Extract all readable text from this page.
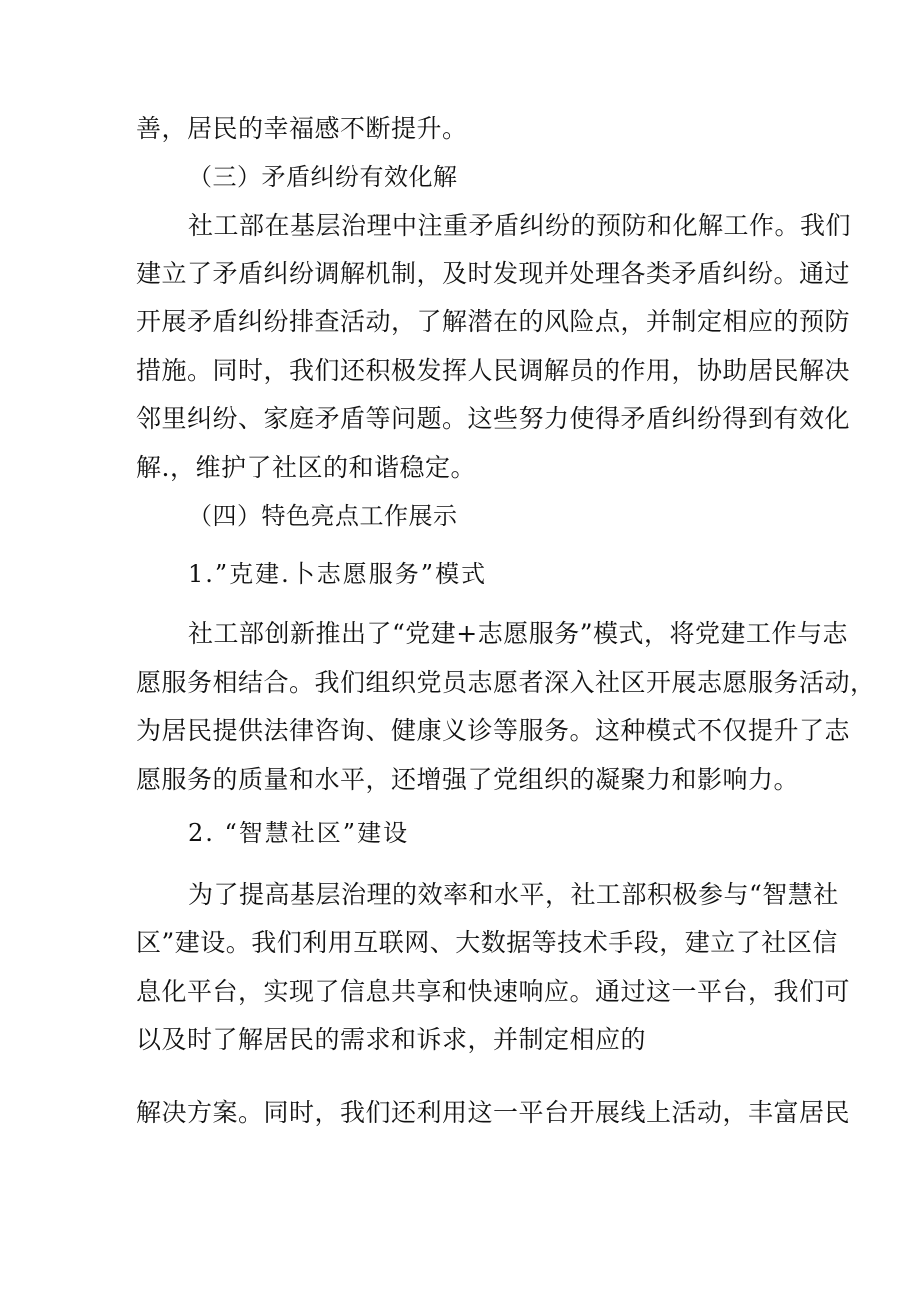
善，居民的幸福感不断提升。
（三）矛盾纠纷有效化解
社工部在基层治理中注重矛盾纠纷的预防和化解工作。我们
建立了矛盾纠纷调解机制，及时发现并处理各类矛盾纠纷。通过
开展矛盾纠纷排查活动，了解潜在的风险点，并制定相应的预防
措施。同时，我们还积极发挥人民调解员的作用，协助居民解决
邻里纠纷、家庭矛盾等问题。这些努力使得矛盾纠纷得到有效化
解.，维护了社区的和谐稳定。
（四）特色亮点工作展示
1.”克建.卜志愿服务”模式
社工部创新推出了“党建+志愿服务”模式，将党建工作与志
愿服务相结合。我们组织党员志愿者深入社区开展志愿服务活动，
为居民提供法律咨询、健康义诊等服务。这种模式不仅提升了志
愿服务的质量和水平，还增强了党组织的凝聚力和影响力。
2. “智慧社区”建设
为了提高基层治理的效率和水平，社工部积极参与“智慧社
区”建设。我们利用互联网、大数据等技术手段，建立了社区信
息化平台，实现了信息共享和快速响应。通过这一平台，我们可
以及时了解居民的需求和诉求，并制定相应的
解决方案。同时，我们还利用这一平台开展线上活动，丰富居民
